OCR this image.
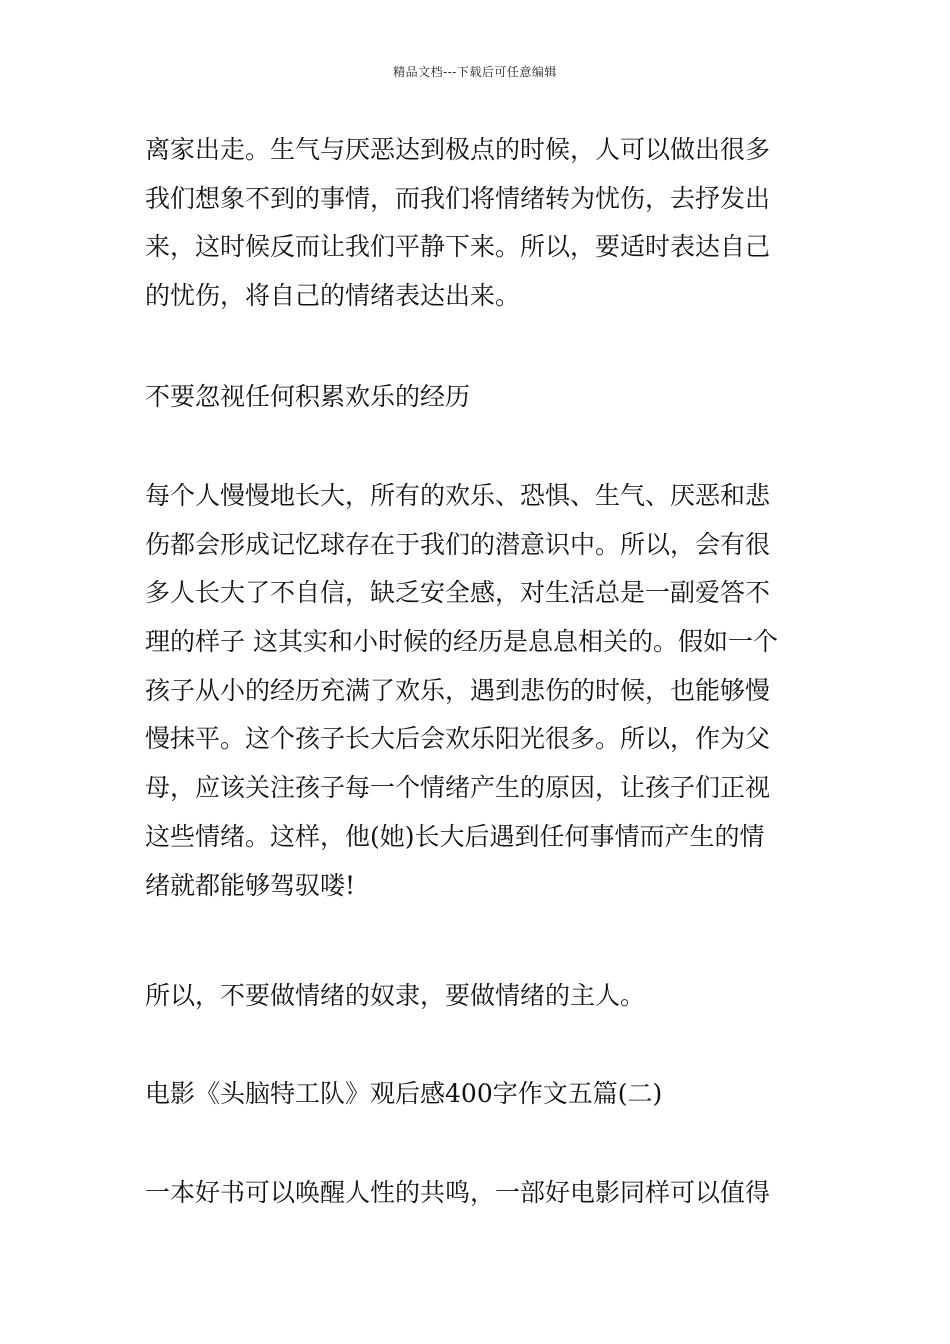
精品文档---下载后可任意编辑
离家出走。生气与厌恶达到极点的时候，人可以做出很多
我们想象不到的事情，而我们将情绪转为忧伤，去抒发出
来，这时候反而让我们平静下来。所以，要适时表达自己
的忧伤，将自己的情绪表达出来。
不要忽视任何积累欢乐的经历
每个人慢慢地长大，所有的欢乐、恐惧、生气、厌恶和悲
伤都会形成记忆球存在于我们的潜意识中。所以，会有很
多人长大了不自信，缺乏安全感，对生活总是一副爱答不
理的样子 这其实和小时候的经历是息息相关的。假如一个
孩子从小的经历充满了欢乐，遇到悲伤的时候，也能够慢
慢抹平。这个孩子长大后会欢乐阳光很多。所以，作为父
母，应该关注孩子每一个情绪产生的原因，让孩子们正视
这些情绪。这样，他(她)长大后遇到任何事情而产生的情
绪就都能够驾驭喽!
所以，不要做情绪的奴隶，要做情绪的主人。
电影《头脑特工队》观后感400字作文五篇(二)
一本好书可以唤醒人性的共鸣，一部好电影同样可以值得
